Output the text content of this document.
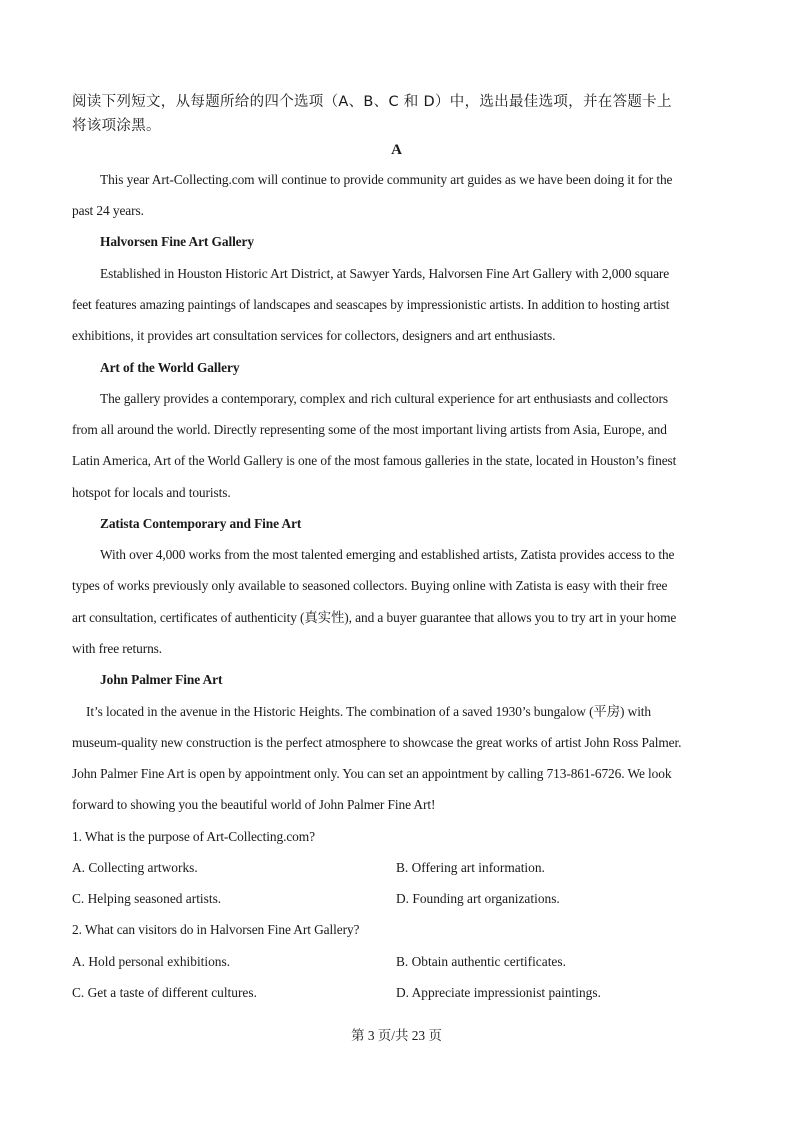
阅读下列短文，从每题所给的四个选项（A、B、C 和 D）中，选出最佳选项，并在答题卡上
将该项涂黑。
A
This year Art-Collecting.com will continue to provide community art guides as we have been doing it for the
past 24 years.
Halvorsen Fine Art Gallery
Established in Houston Historic Art District, at Sawyer Yards, Halvorsen Fine Art Gallery with 2,000 square
feet features amazing paintings of landscapes and seascapes by impressionistic artists. In addition to hosting artist
exhibitions, it provides art consultation services for collectors, designers and art enthusiasts.
Art of the World Gallery
The gallery provides a contemporary, complex and rich cultural experience for art enthusiasts and collectors
from all around the world. Directly representing some of the most important living artists from Asia, Europe, and
Latin America, Art of the World Gallery is one of the most famous galleries in the state, located in Houston’s finest
hotspot for locals and tourists.
Zatista Contemporary and Fine Art
With over 4,000 works from the most talented emerging and established artists, Zatista provides access to the
types of works previously only available to seasoned collectors. Buying online with Zatista is easy with their free
art consultation, certificates of authenticity (真实性), and a buyer guarantee that allows you to try art in your home
with free returns.
John Palmer Fine Art
It’s located in the avenue in the Historic Heights. The combination of a saved 1930’s bungalow (平房) with
museum-quality new construction is the perfect atmosphere to showcase the great works of artist John Ross Palmer.
John Palmer Fine Art is open by appointment only. You can set an appointment by calling 713-861-6726. We look
forward to showing you the beautiful world of John Palmer Fine Art!
1. What is the purpose of Art-Collecting.com?
A. Collecting artworks.	B. Offering art information.
C. Helping seasoned artists.	D. Founding art organizations.
2. What can visitors do in Halvorsen Fine Art Gallery?
A. Hold personal exhibitions.	B. Obtain authentic certificates.
C. Get a taste of different cultures.	D. Appreciate impressionist paintings.
第 3 页/共 23 页
